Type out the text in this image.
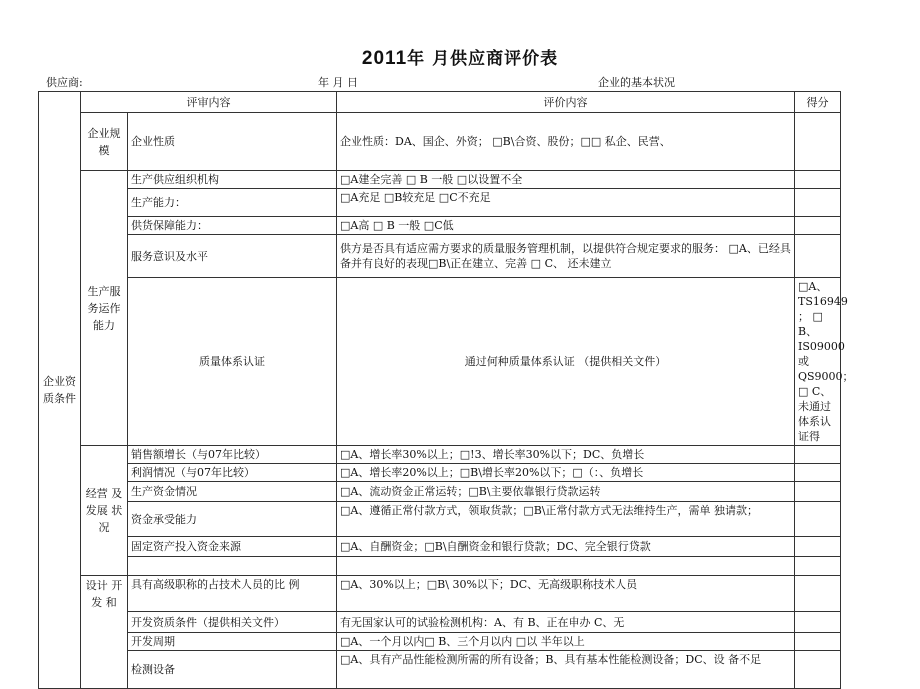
2011年 月供应商评价表
供应商:	年 月 日	企业的基本状况
企业资质条件	评审内容		评价内容	得分	
	企业规模	企业性质	企业性质：DA、国企、外资； □B\合资、股份；□□ 私企、民营、		
	生产服务运作能力	生产供应组织机构	□A建全完善 □ B 一般 □以设置不全		
		生产能力：	□A充足 □B较充足 □C不充足		
		供货保障能力：	□A高 □ B 一般 □C低		
		服务意识及水平	供方是否具有适应需方要求的质量服务管理机制，以提供符合规定要求的服务： □A、已经具备并有良好的表现□B\正在建立、完善 □ C、 还未建立		
		质量体系认证	通过何种质量体系认证 （提供相关文件）	□A、TS16949 ； □ B、IS09000 或 QS9000； □ C、未通过体系认证得	
	经营 及发展 状况	销售额增长（与07年比较）	□A、增长率30%以上；□!3、增长率30%以下；DC、负增长		
		利润情况（与07年比较）	□A、增长率20%以上；□B\增长率20%以下；□（：、负增长		
		生产资金情况	□A、流动资金正常运转；□B\主要依靠银行贷款运转		
		资金承受能力	□A、遵循正常付款方式，领取货款；□B\正常付款方式无法维持生产，需单 独请款；		
		固定资产投入资金来源	□A、自酬资金；□B\自酬资金和银行贷款；DC、完全银行贷款		

	设计 开发 和	具有高级职称的占技术人员的比 例	□A、30%以上；□B\ 30%以下；DC、无高级职称技术人员		
		开发资质条件（提供相关文件）	有无国家认可的试验检测机构：A、有 B、正在申办 C、无		
		开发周期	□A、一个月以内□ B、三个月以内 □以 半年以上		
		检测设备	□A、具有产品性能检测所需的所有设备；B、具有基本性能检测设备；DC、设 备不足		
